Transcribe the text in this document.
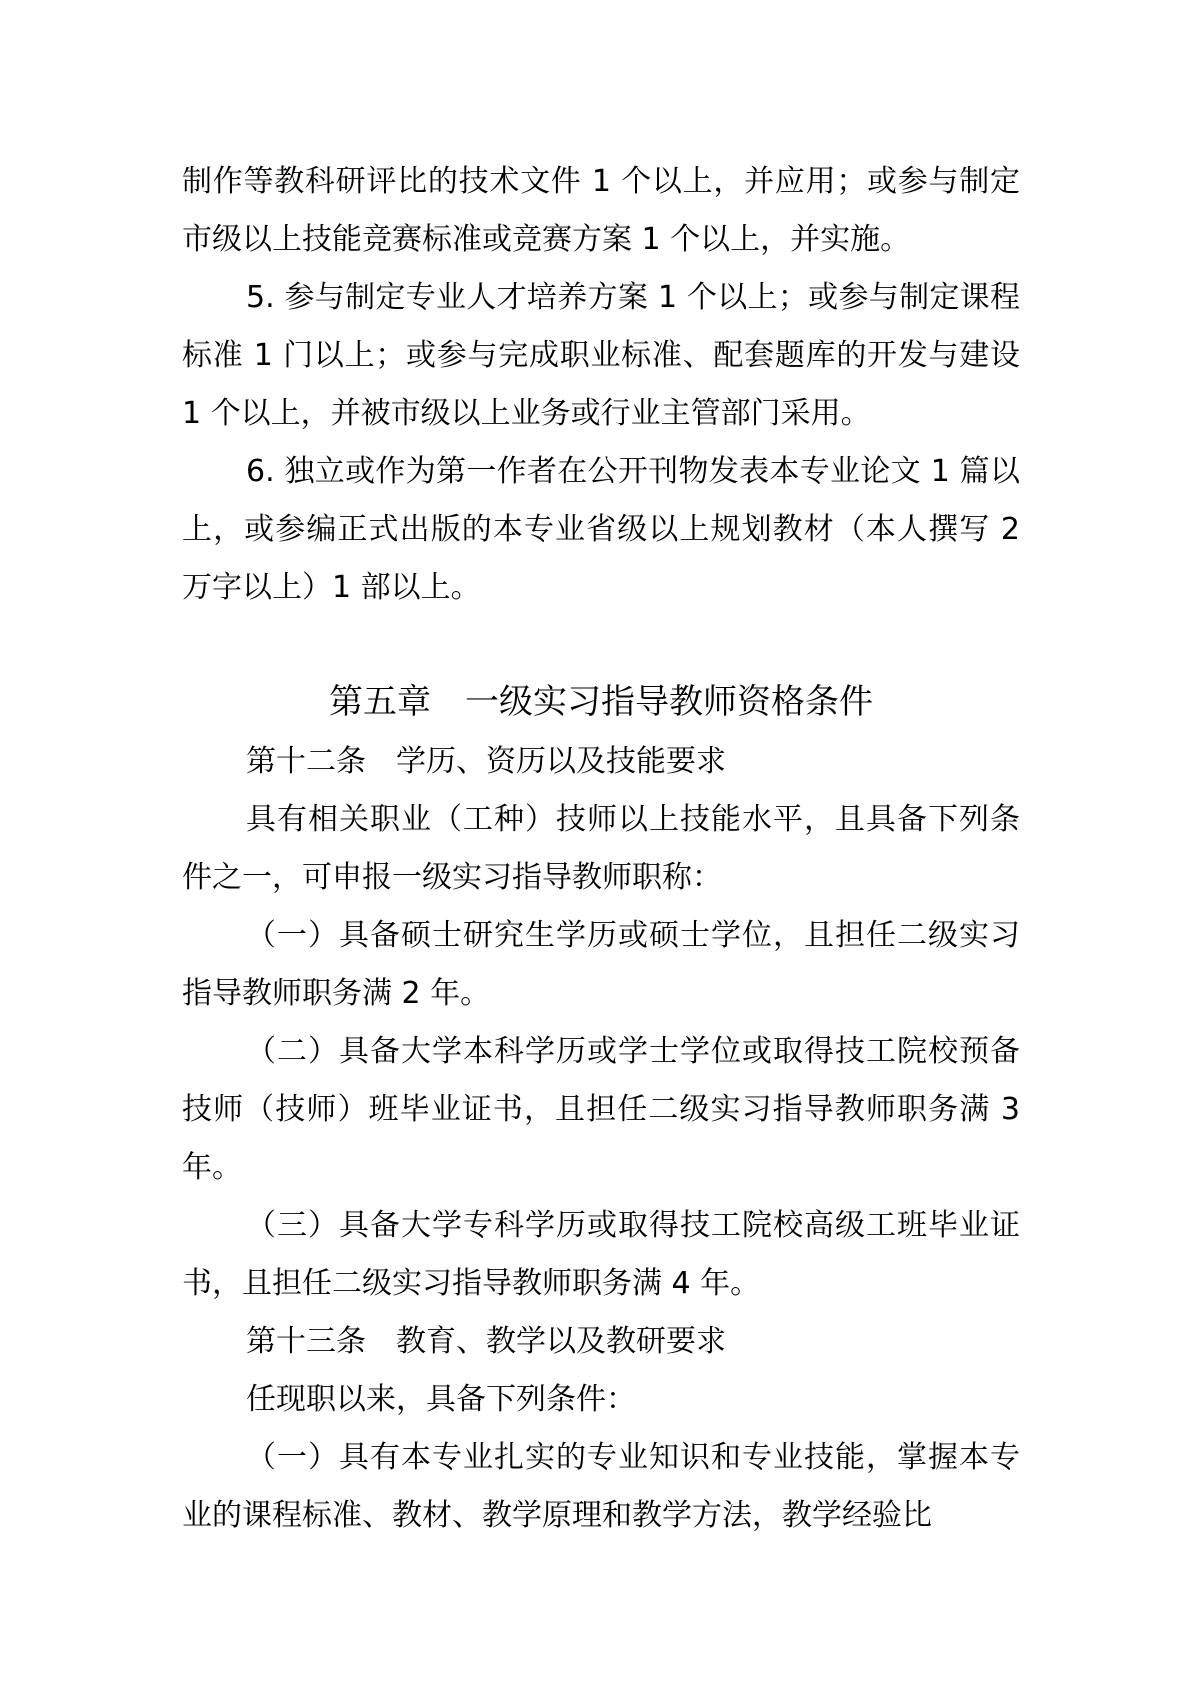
制作等教科研评比的技术文件 1 个以上，并应用；或参与制定市级以上技能竞赛标准或竞赛方案 1 个以上，并实施。

5. 参与制定专业人才培养方案 1 个以上；或参与制定课程标准 1 门以上；或参与完成职业标准、配套题库的开发与建设 1 个以上，并被市级以上业务或行业主管部门采用。

6. 独立或作为第一作者在公开刊物发表本专业论文 1 篇以上，或参编正式出版的本专业省级以上规划教材（本人撰写 2 万字以上）1 部以上。

第五章　一级实习指导教师资格条件

第十二条　学历、资历以及技能要求

具有相关职业（工种）技师以上技能水平，且具备下列条件之一，可申报一级实习指导教师职称：

（一）具备硕士研究生学历或硕士学位，且担任二级实习指导教师职务满 2 年。

（二）具备大学本科学历或学士学位或取得技工院校预备技师（技师）班毕业证书，且担任二级实习指导教师职务满 3 年。

（三）具备大学专科学历或取得技工院校高级工班毕业证书，且担任二级实习指导教师职务满 4 年。

第十三条　教育、教学以及教研要求

任现职以来，具备下列条件：

（一）具有本专业扎实的专业知识和专业技能，掌握本专业的课程标准、教材、教学原理和教学方法，教学经验比
